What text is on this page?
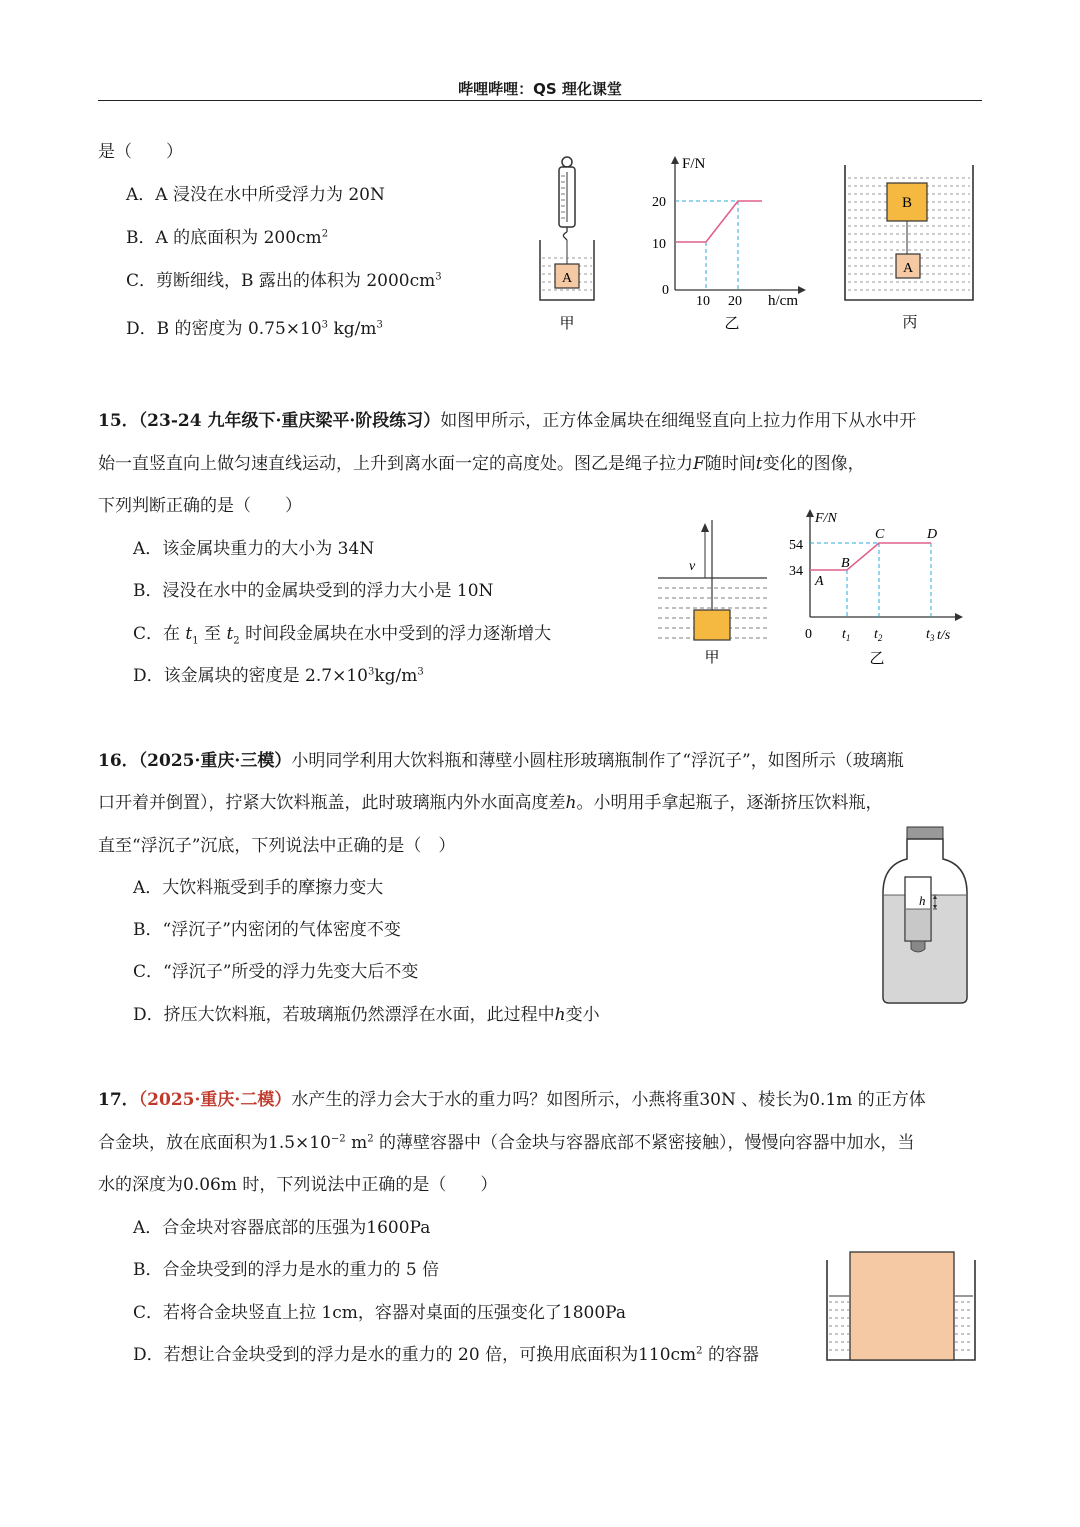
哔哩哔哩：QS 理化课堂
是（　　）
A．A 浸没在水中所受浮力为 20N
B．A 的底面积为 $200cm^2$
C．剪断细线，B 露出的体积为 $2000cm^3$
D．B 的密度为 $0.75\times 10^3$ $kg/m^3$
A
甲
F/N
h/cm
0
10
20
10 20
乙
B
A
丙
15．（23-24 九年级下·重庆梁平·阶段练习）如图甲所示，正方体金属块在细绳竖直向上拉力作用下从水中开
始一直竖直向上做匀速直线运动，上升到离水面一定的高度处。图乙是绳子拉力F随时间t变化的图像，
下列判断正确的是（　　）
A．该金属块重力的大小为 34N
B．浸没在水中的金属块受到的浮力大小是 10N
C．在 $t_1$ 至 $t_2$ 时间段金属块在水中受到的浮力逐渐增大
D．该金属块的密度是 $2.7\times 10^3kg/m^3$
v
甲
F/N
t/s
0
54
34
A
B
C	D
$t_1$ $t_2$	$t_3$
乙
16．（2025·重庆·三模）小明同学利用大饮料瓶和薄壁小圆柱形玻璃瓶制作了“浮沉子”，如图所示（玻璃瓶
口开着并倒置），拧紧大饮料瓶盖，此时玻璃瓶内外水面高度差h。小明用手拿起瓶子，逐渐挤压饮料瓶，
直至“浮沉子”沉底，下列说法中正确的是（　）
A．大饮料瓶受到手的摩擦力变大
B．“浮沉子”内密闭的气体密度不变
C．“浮沉子”所受的浮力先变大后不变
D．挤压大饮料瓶，若玻璃瓶仍然漂浮在水面，此过程中h变小
h
17．（2025·重庆·二模）水产生的浮力会大于水的重力吗？如图所示，小燕将重30N 、棱长为0.1m 的正方体
合金块，放在底面积为$1.5\times 10^{-2}$ $m^2$ 的薄壁容器中（合金块与容器底部不紧密接触），慢慢向容器中加水，当
水的深度为0.06m 时，下列说法中正确的是（　　）
A．合金块对容器底部的压强为1600Pa
B．合金块受到的浮力是水的重力的 5 倍
C．若将合金块竖直上拉 1cm，容器对桌面的压强变化了1800Pa
D．若想让合金块受到的浮力是水的重力的 20 倍，可换用底面积为$110cm^2$ 的容器
